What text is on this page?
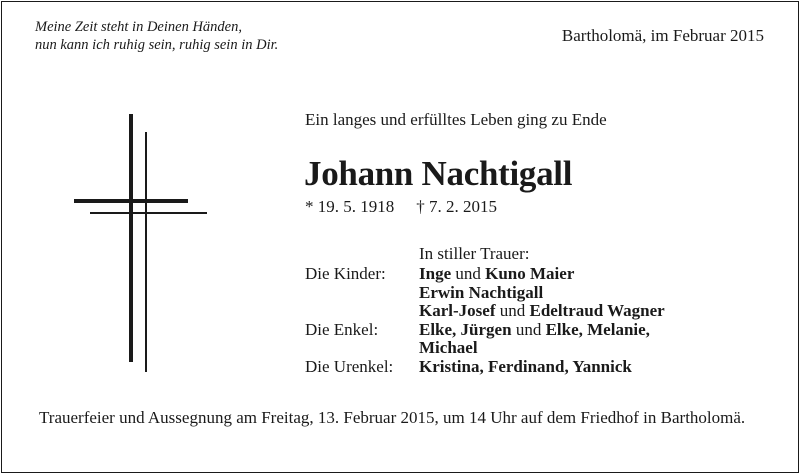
Meine Zeit steht in Deinen Händen,
nun kann ich ruhig sein, ruhig sein in Dir.	Bartholomä, im Februar 2015
Ein langes und erfülltes Leben ging zu Ende
Johann Nachtigall
* 19. 5. 1918 † 7. 2. 2015
In stiller Trauer:
Die Kinder:	Inge und Kuno Maier
	Erwin Nachtigall
	Karl-Josef und Edeltraud Wagner
Die Enkel:	Elke, Jürgen und Elke, Melanie,
	Michael
Die Urenkel:	Kristina, Ferdinand, Yannick
Trauerfeier und Aussegnung am Freitag, 13. Februar 2015, um 14 Uhr auf dem Friedhof in Bartholomä.
